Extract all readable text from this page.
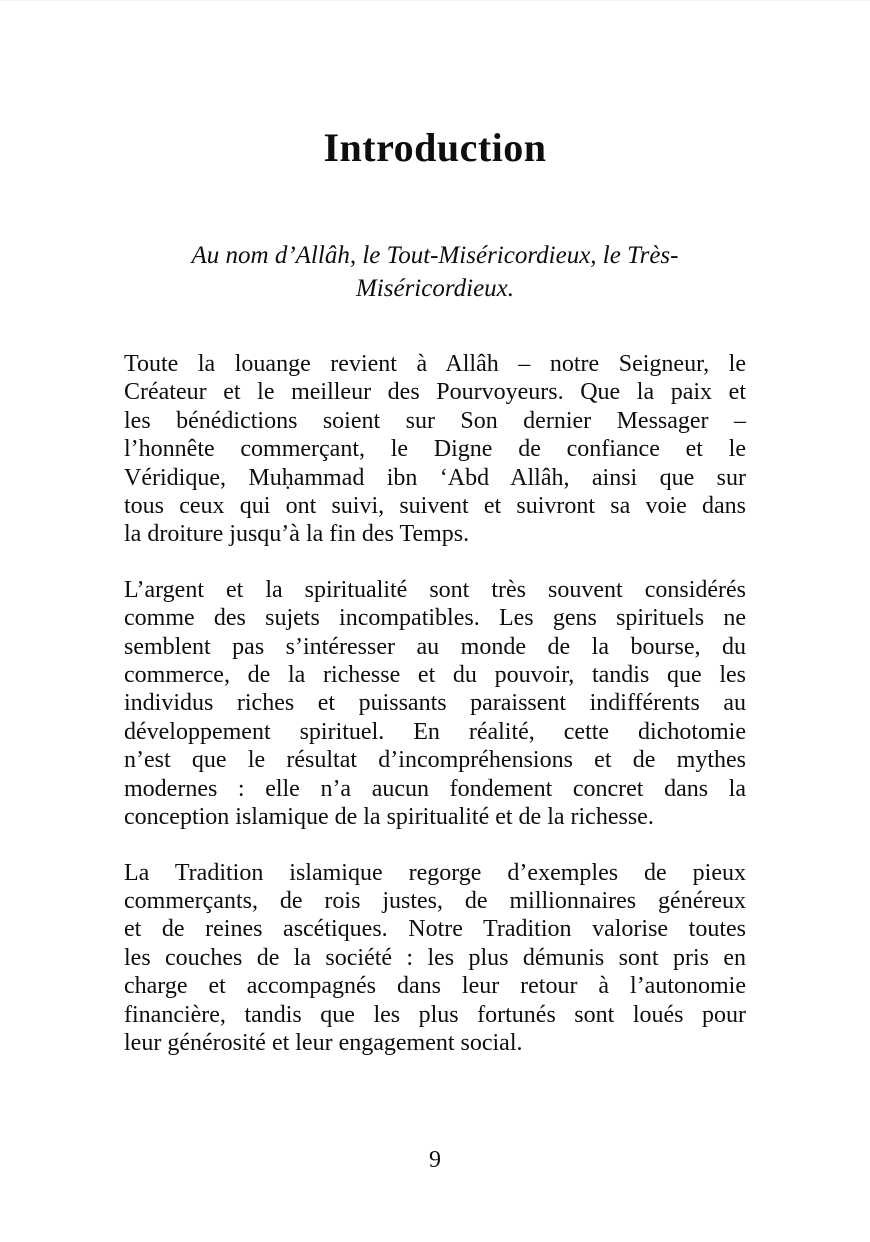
Introduction
Au nom d’Allâh, le Tout-Miséricordieux, le Très-
Miséricordieux.
Toute la louange revient à Allâh – notre Seigneur, le
Créateur et le meilleur des Pourvoyeurs. Que la paix et
les bénédictions soient sur Son dernier Messager –
l’honnête commerçant, le Digne de confiance et le
Véridique, Muḥammad ibn ‘Abd Allâh, ainsi que sur
tous ceux qui ont suivi, suivent et suivront sa voie dans
la droiture jusqu’à la fin des Temps.
L’argent et la spiritualité sont très souvent considérés
comme des sujets incompatibles. Les gens spirituels ne
semblent pas s’intéresser au monde de la bourse, du
commerce, de la richesse et du pouvoir, tandis que les
individus riches et puissants paraissent indifférents au
développement spirituel. En réalité, cette dichotomie
n’est que le résultat d’incompréhensions et de mythes
modernes : elle n’a aucun fondement concret dans la
conception islamique de la spiritualité et de la richesse.
La Tradition islamique regorge d’exemples de pieux
commerçants, de rois justes, de millionnaires généreux
et de reines ascétiques. Notre Tradition valorise toutes
les couches de la société : les plus démunis sont pris en
charge et accompagnés dans leur retour à l’autonomie
financière, tandis que les plus fortunés sont loués pour
leur générosité et leur engagement social.
9
